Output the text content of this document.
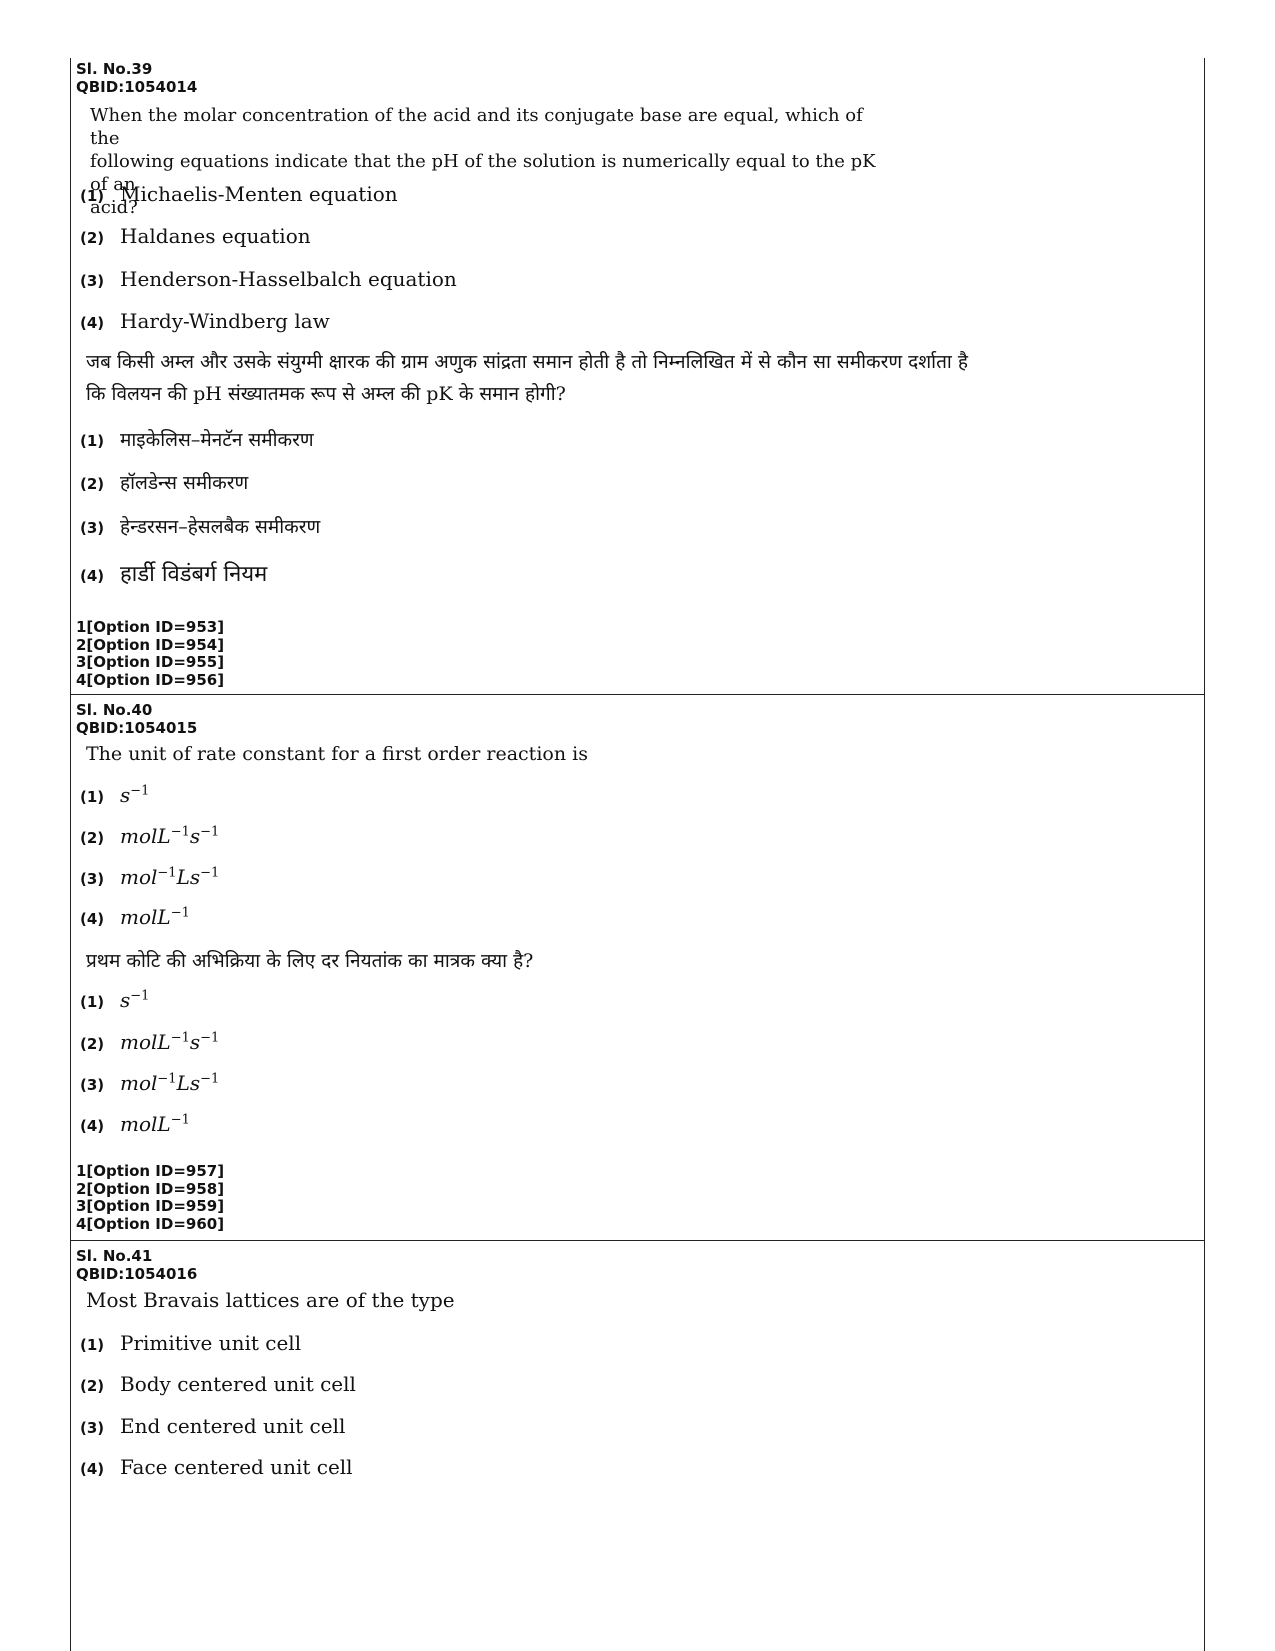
Sl. No.39
QBID:1054014
When the molar concentration of the acid and its conjugate base are equal, which of the
following equations indicate that the pH of the solution is numerically equal to the pK of an
acid?
(1) Michaelis-Menten equation
(2) Haldanes equation
(3) Henderson-Hasselbalch equation
(4) Hardy-Windberg law
जब किसी अम्ल और उसके संयुग्मी क्षारक की ग्राम अणुक सांद्रता समान होती है तो निम्नलिखित में से कौन सा समीकरण दर्शाता है
कि विलयन की pH संख्यातमक रूप से अम्ल की pK के समान होगी?
(1) माइकेलिस–मेनटॅन समीकरण
(2) हॉलडेन्स समीकरण
(3) हेन्डरसन–हेसलबैक समीकरण
(4) हार्डी विडंबर्ग नियम
1[Option ID=953]
2[Option ID=954]
3[Option ID=955]
4[Option ID=956]
Sl. No.40
QBID:1054015
The unit of rate constant for a first order reaction is
(1) $s^{-1}$
(2) $molL^{-1}s^{-1}$
(3) $mol^{-1}Ls^{-1}$
(4) molL$^{-1}$
प्रथम कोटि की अभिक्रिया के लिए दर नियतांक का मात्रक क्या है?
(1) $s^{-1}$
(2) $molL^{-1}s^{-1}$
(3) $mol^{-1}Ls^{-1}$
(4) molL$^{-1}$
1[Option ID=957]
2[Option ID=958]
3[Option ID=959]
4[Option ID=960]
Sl. No.41
QBID:1054016
Most Bravais lattices are of the type
(1) Primitive unit cell
(2) Body centered unit cell
(3) End centered unit cell
(4) Face centered unit cell
